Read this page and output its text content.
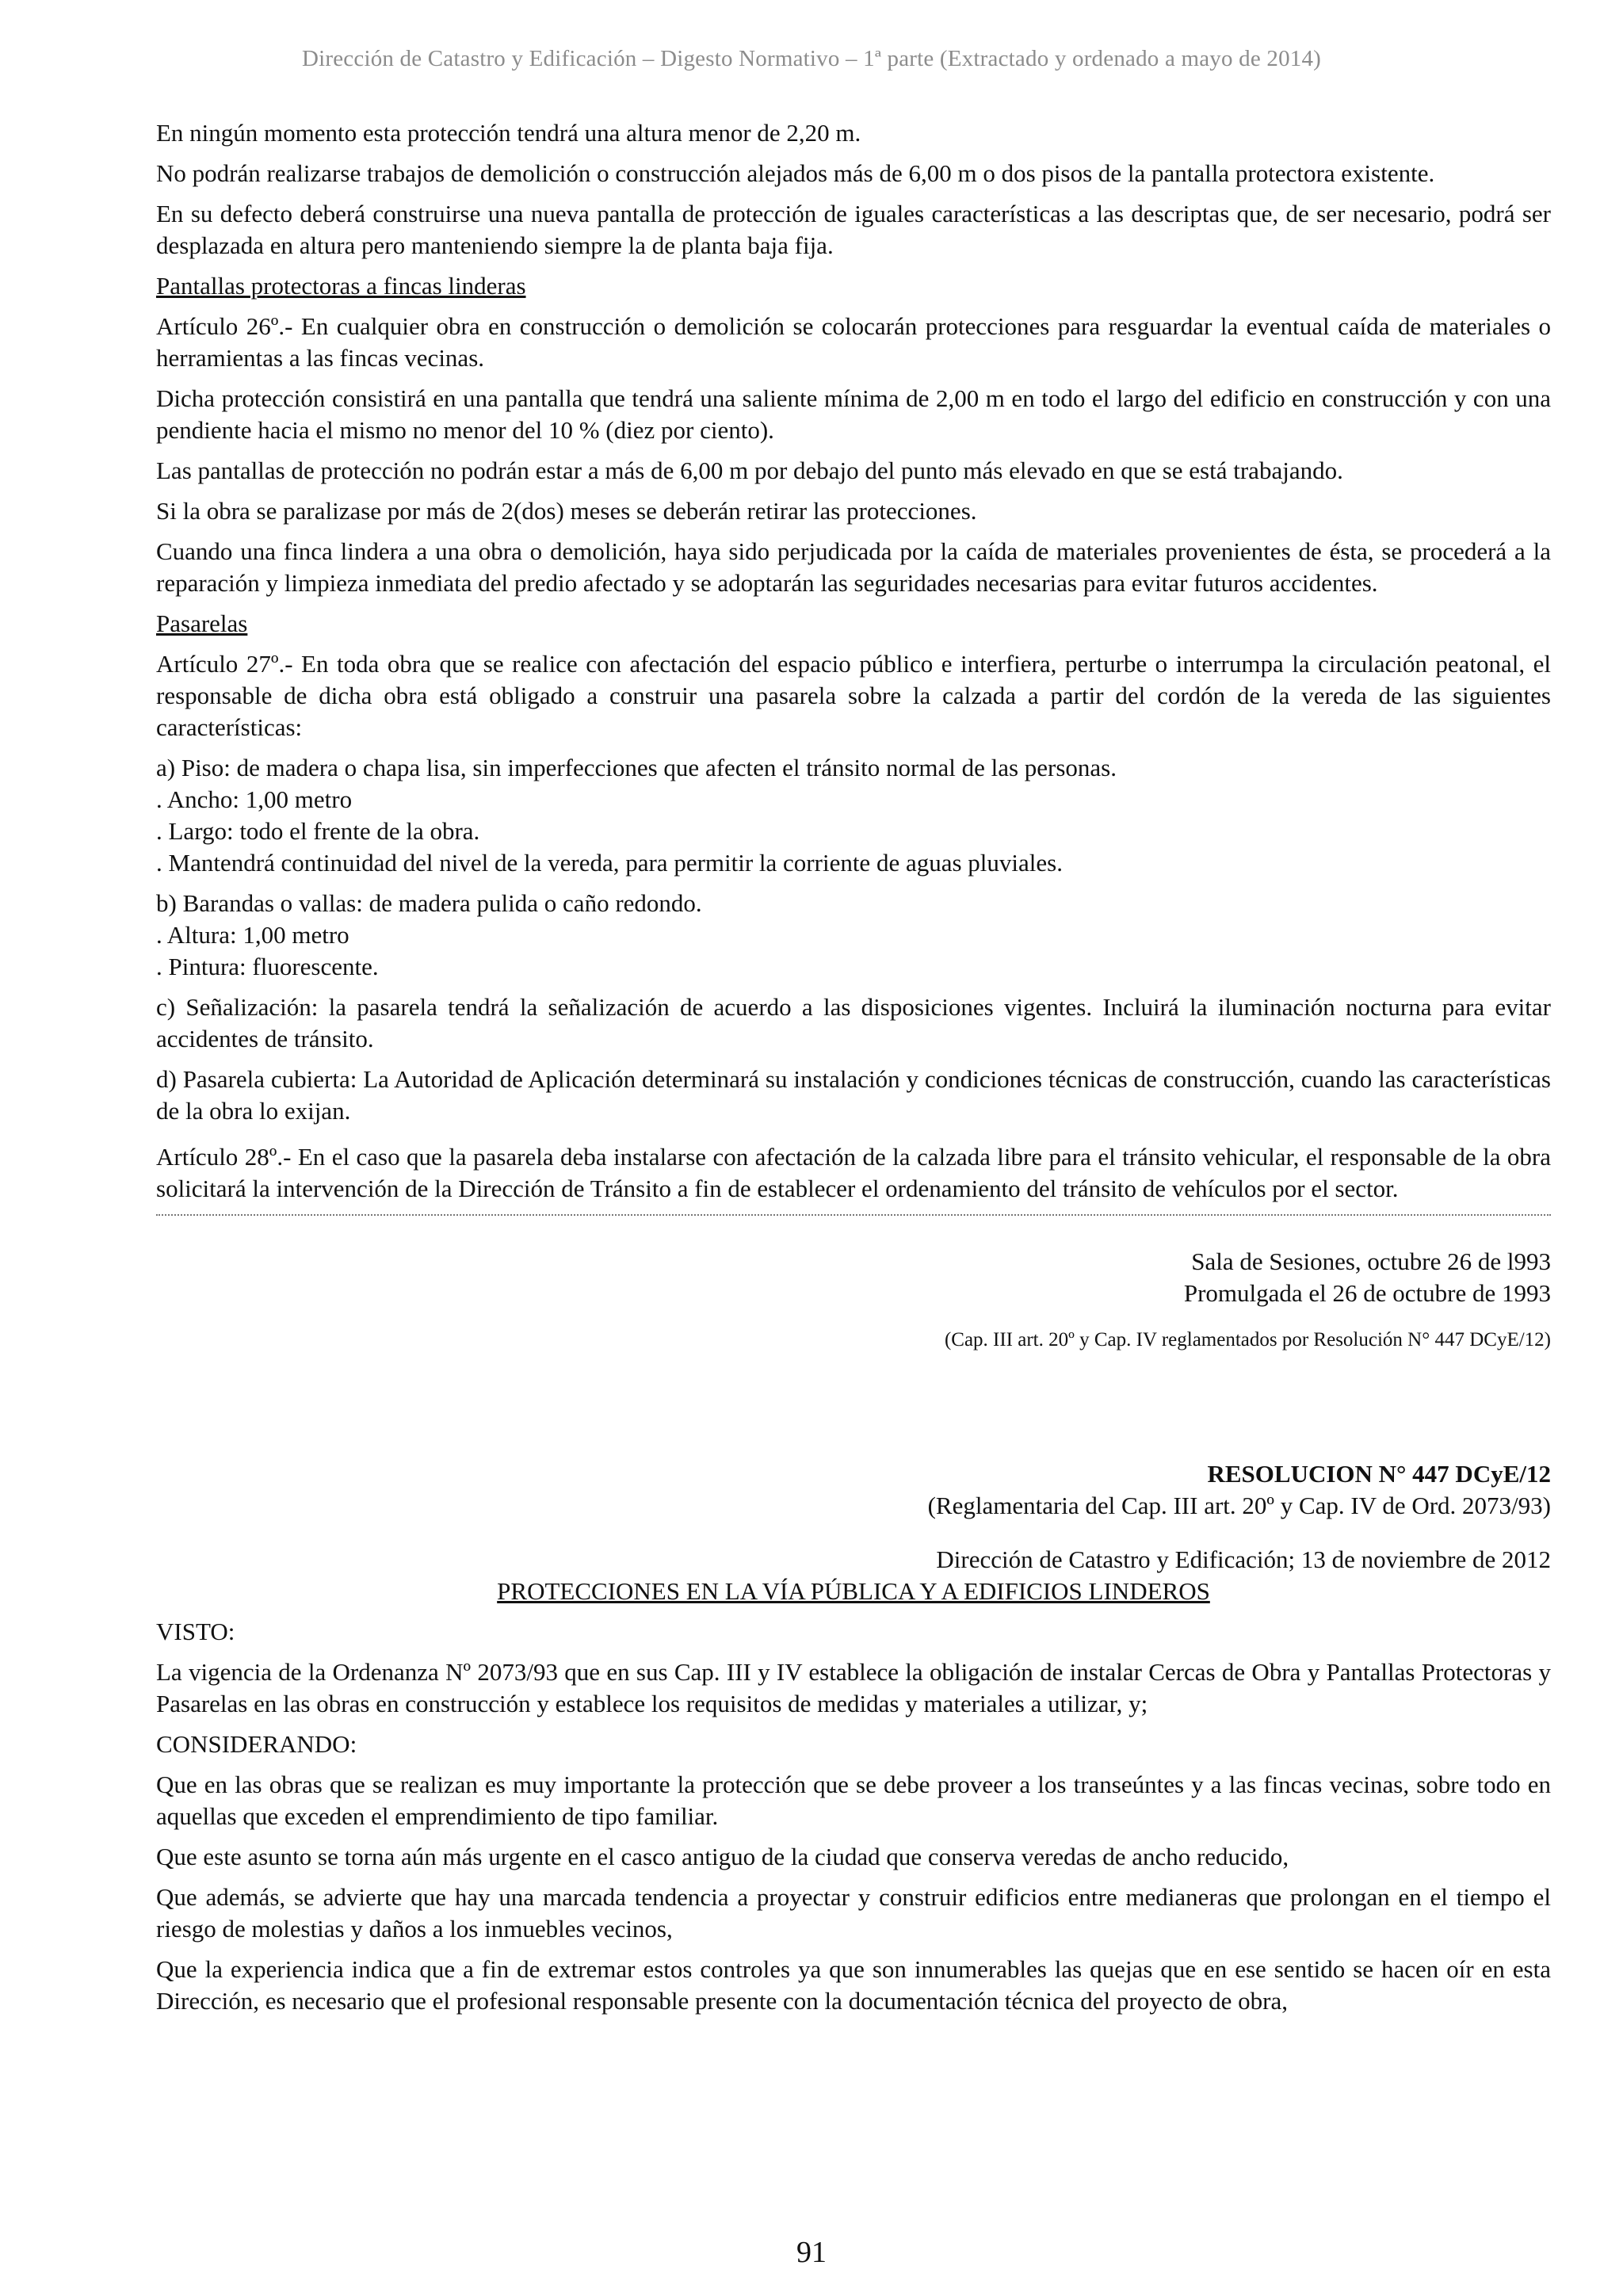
Dirección de Catastro y Edificación – Digesto Normativo – 1ª parte (Extractado y ordenado a mayo de 2014)

En ningún momento esta protección tendrá una altura menor de 2,20 m.

No podrán realizarse trabajos de demolición o construcción alejados más de 6,00 m o dos pisos de la pantalla protectora existente.

En su defecto deberá construirse una nueva pantalla de protección de iguales características a las descriptas que, de ser necesario, podrá ser desplazada en altura pero manteniendo siempre la de planta baja fija.

Pantallas protectoras a fincas linderas

Artículo 26º.- En cualquier obra en construcción o demolición se colocarán protecciones para resguardar la eventual caída de materiales o herramientas a las fincas vecinas.

Dicha protección consistirá en una pantalla que tendrá una saliente mínima de 2,00 m en todo el largo del edificio en construcción y con una pendiente hacia el mismo no menor del 10 % (diez por ciento).

Las pantallas de protección no podrán estar a más de 6,00 m por debajo del punto más elevado en que se está trabajando.

Si la obra se paralizase por más de 2(dos) meses se deberán retirar las protecciones.

Cuando una finca lindera a una obra o demolición, haya sido perjudicada por la caída de materiales provenientes de ésta, se procederá a la reparación y limpieza inmediata del predio afectado y se adoptarán las seguridades necesarias para evitar futuros accidentes.

Pasarelas

Artículo 27º.- En toda obra que se realice con afectación del espacio público e interfiera, perturbe o interrumpa la circulación peatonal, el responsable de dicha obra está obligado a construir una pasarela sobre la calzada a partir del cordón de la vereda de las siguientes características:

a) Piso: de madera o chapa lisa, sin imperfecciones que afecten el tránsito normal de las personas.

. Ancho: 1,00 metro

. Largo: todo el frente de la obra.

. Mantendrá continuidad del nivel de la vereda, para permitir la corriente de aguas pluviales.

b) Barandas o vallas: de madera pulida o caño redondo.

. Altura: 1,00 metro

. Pintura: fluorescente.

c) Señalización: la pasarela tendrá la señalización de acuerdo a las disposiciones vigentes. Incluirá la iluminación nocturna para evitar accidentes de tránsito.

d) Pasarela cubierta: La Autoridad de Aplicación determinará su instalación y condiciones técnicas de construcción, cuando las características de la obra lo exijan.

Artículo 28º.- En el caso que la pasarela deba instalarse con afectación de la calzada libre para el tránsito vehicular, el responsable de la obra solicitará la intervención de la Dirección de Tránsito a fin de establecer el ordenamiento del tránsito de vehículos por el sector.

Sala de Sesiones, octubre 26 de l993

Promulgada el 26 de octubre de 1993

(Cap. III art. 20º y Cap. IV reglamentados por Resolución N° 447 DCyE/12)

RESOLUCION N° 447 DCyE/12

(Reglamentaria del Cap. III art. 20º y Cap. IV de Ord. 2073/93)

Dirección de Catastro y Edificación; 13 de noviembre de 2012

PROTECCIONES EN LA VÍA PÚBLICA Y A EDIFICIOS LINDEROS

VISTO:

La vigencia de la Ordenanza Nº 2073/93 que en sus Cap. III y IV establece la obligación de instalar Cercas de Obra y Pantallas Protectoras y Pasarelas en las obras en construcción y establece los requisitos de medidas y materiales a utilizar, y;

CONSIDERANDO:

Que en las obras que se realizan es muy importante la protección que se debe proveer a los transeúntes y a las fincas vecinas, sobre todo en aquellas que exceden el emprendimiento de tipo familiar.

Que este asunto se torna aún más urgente en el casco antiguo de la ciudad que conserva veredas de ancho reducido,

Que además, se advierte que hay una marcada tendencia a proyectar y construir edificios entre medianeras que prolongan en el tiempo el riesgo de molestias y daños a los inmuebles vecinos,

Que la experiencia indica que a fin de extremar estos controles ya que son innumerables las quejas que en ese sentido se hacen oír en esta Dirección, es necesario que el profesional responsable presente con la documentación técnica del proyecto de obra,

91
